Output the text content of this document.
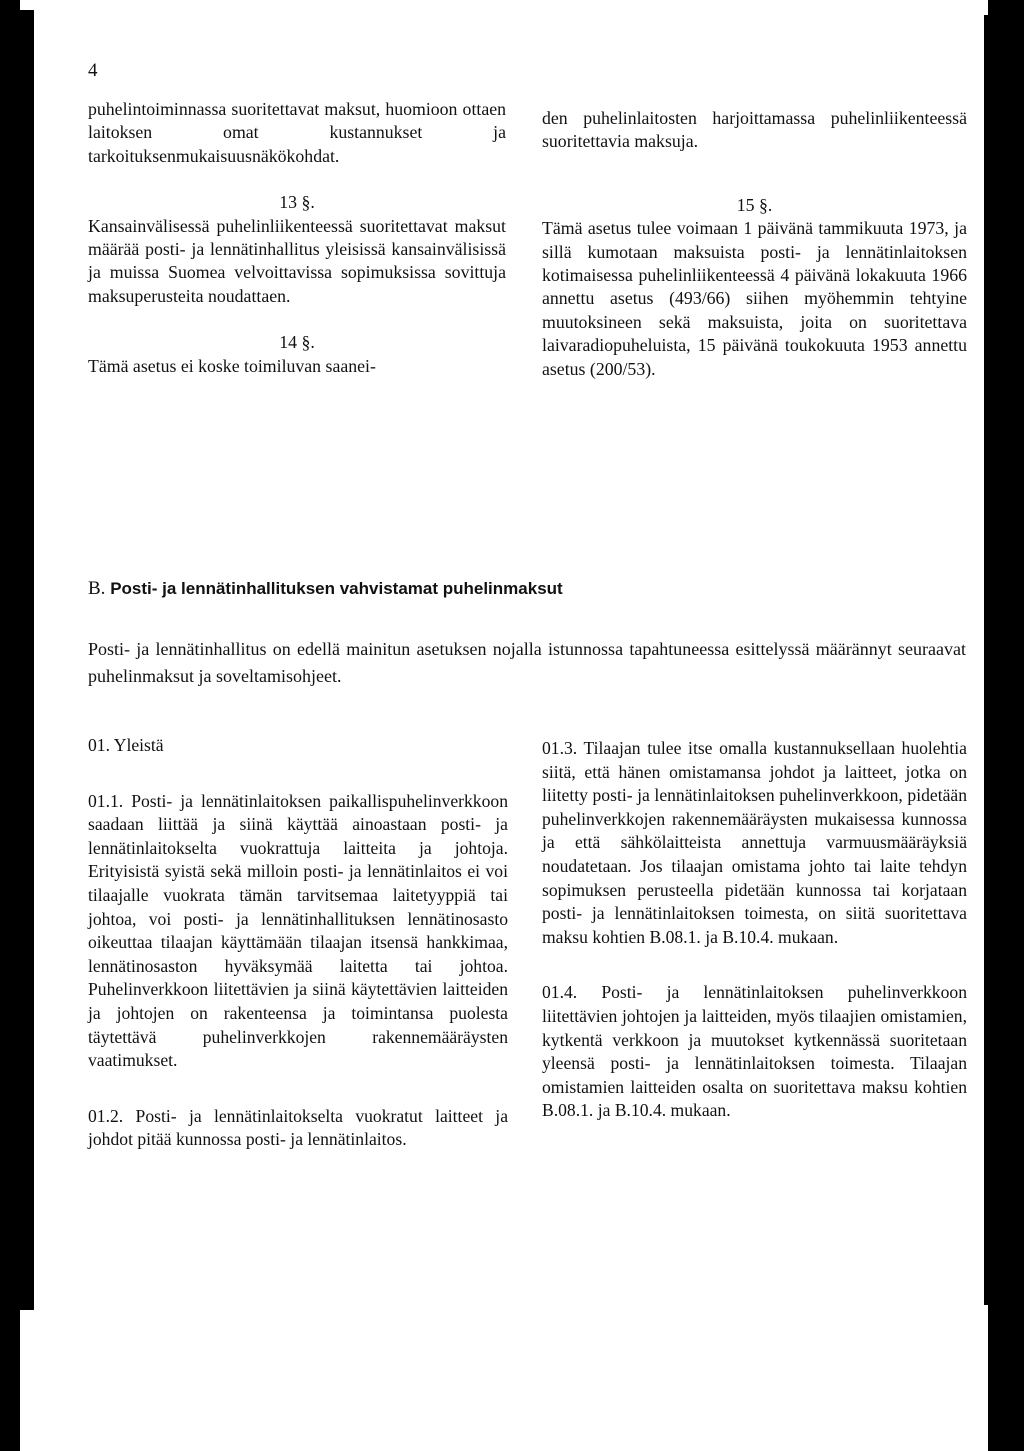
4

puhelintoiminnassa suoritettavat maksut, huomioon ottaen laitoksen omat kustannukset ja tarkoituksenmukaisuusnäkökohdat.

13 §.

Kansainvälisessä puhelinliikenteessä suoritettavat maksut määrää posti- ja lennätinhallitus yleisissä kansainvälisissä ja muissa Suomea velvoittavissa sopimuksissa sovittuja maksuperusteita noudattaen.

14 §.

Tämä asetus ei koske toimiluvan saanei-

den puhelinlaitosten harjoittamassa puhelinliikenteessä suoritettavia maksuja.

15 §.

Tämä asetus tulee voimaan 1 päivänä tammikuuta 1973, ja sillä kumotaan maksuista posti- ja lennätinlaitoksen kotimaisessa puhelinliikenteessä 4 päivänä lokakuuta 1966 annettu asetus (493/66) siihen myöhemmin tehtyine muutoksineen sekä maksuista, joita on suoritettava laivaradiopuheluista, 15 päivänä toukokuuta 1953 annettu asetus (200/53).

B. Posti- ja lennätinhallituksen vahvistamat puhelinmaksut

Posti- ja lennätinhallitus on edellä mainitun asetuksen nojalla istunnossa tapahtuneessa esittelyssä määrännyt seuraavat puhelinmaksut ja soveltamisohjeet.

01. Yleistä

01.1. Posti- ja lennätinlaitoksen paikallispuhelinverkkoon saadaan liittää ja siinä käyttää ainoastaan posti- ja lennätinlaitokselta vuokrattuja laitteita ja johtoja. Erityisistä syistä sekä milloin posti- ja lennätinlaitos ei voi tilaajalle vuokrata tämän tarvitsemaa laitetyyppiä tai johtoa, voi posti- ja lennätinhallituksen lennätinosasto oikeuttaa tilaajan käyttämään tilaajan itsensä hankkimaa, lennätinosaston hyväksymää laitetta tai johtoa. Puhelinverkkoon liitettävien ja siinä käytettävien laitteiden ja johtojen on rakenteensa ja toimintansa puolesta täytettävä puhelinverkkojen rakennemääräysten vaatimukset.

01.2. Posti- ja lennätinlaitokselta vuokratut laitteet ja johdot pitää kunnossa posti- ja lennätinlaitos.

01.3. Tilaajan tulee itse omalla kustannuksellaan huolehtia siitä, että hänen omistamansa johdot ja laitteet, jotka on liitetty posti- ja lennätinlaitoksen puhelinverkkoon, pidetään puhelinverkkojen rakennemääräysten mukaisessa kunnossa ja että sähkölaitteista annettuja varmuusmääräyksiä noudatetaan. Jos tilaajan omistama johto tai laite tehdyn sopimuksen perusteella pidetään kunnossa tai korjataan posti- ja lennätinlaitoksen toimesta, on siitä suoritettava maksu kohtien B.08.1. ja B.10.4. mukaan.

01.4. Posti- ja lennätinlaitoksen puhelinverkkoon liitettävien johtojen ja laitteiden, myös tilaajien omistamien, kytkentä verkkoon ja muutokset kytkennässä suoritetaan yleensä posti- ja lennätinlaitoksen toimesta. Tilaajan omistamien laitteiden osalta on suoritettava maksu kohtien B.08.1. ja B.10.4. mukaan.
